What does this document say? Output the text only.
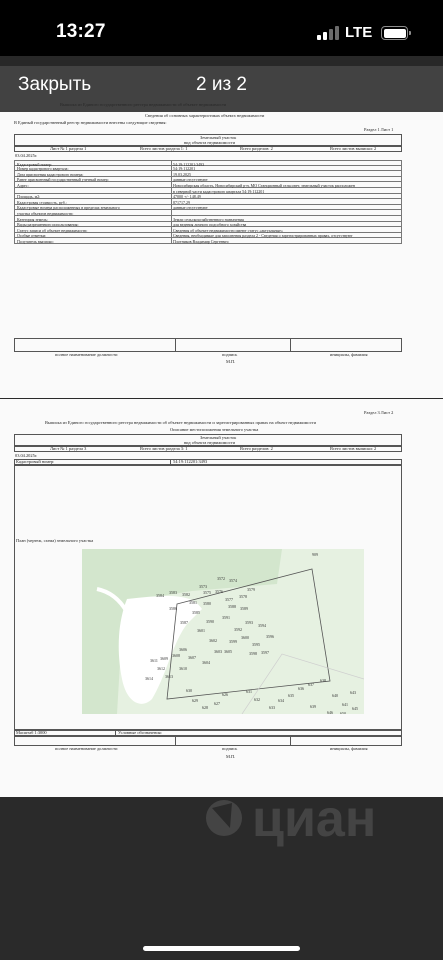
13:27	LTE
Закрыть	2 из 2
Сведения об основных характеристиках объекта недвижимости
В Единый государственный реестр недвижимости внесены следующие сведения:
Раздел 1 Лист 1
Земельный участок
вид объекта недвижимости
Лист № 1 раздела 1	Всего листов раздела 1: 1	Всего разделов: 2	Всего листов выписки: 2
03.04.2025г.
Кадастровый номер:	54:19:112201:3493
Номер кадастрового квартала:	54:19:112201
Дата присвоения кадастрового номера:	19.03.2025
Ранее присвоенный государственный учетный номер:	данные отсутствуют
Адрес:	Новосибирская область, Новосибирский р-н, МО Станционный сельсовет, земельный участок расположен
в северной части кадастрового квартала 54:19:112201
Площадь, м2:	47000 +/- 148.49
Кадастровая стоимость, руб.:	871717.29
Кадастровые номера расположенных в пределах земельного	данные отсутствуют
участка объектов недвижимости:
Категория земель:	Земли сельскохозяйственного назначения
Виды разрешенного использования:	для ведения личного подсобного хозяйства
Статус записи об объекте недвижимости:	Сведения об объекте недвижимости имеют статус «актуальные»
Особые отметки:	Сведения, необходимые для заполнения раздела 2 - Сведения о зарегистрированных правах, отсутствуют
Получатель выписки:	Плотников Владимир Сергеевич
полное наименование должности	подпись	инициалы, фамилия
М.П.
Раздел 3 Лист 2
Выписка из Единого государственного реестра недвижимости об объекте недвижимости и зарегистрированных правах на объект недвижимости
Описание местоположения земельного участка
Земельный участок
вид объекта недвижимости
Лист № 1 раздела 3	Всего листов раздела 3: 1	Всего разделов: 2	Всего листов выписки: 2
03.04.2025г.
Кадастровый номер:	54:19:112201:3493
План (чертеж, схема) земельного участка
3572
3573
3574
3575 3576
3577
3578
3579
3580
3581
3582
3583
3584
3585
3586
3587
3588 3589
3590
3591
3592
3593
3594
3595
3596
3597
3598
3599
3600
3601
3602
3603
3604
3605
3606
3607
3608
3609
3610
3611
3612
3613
3614
626
627
628
629
630	631
632
633
634
635
636
637
638
639
640
641
643
645
646 650
909
Масштаб 1:3000	Условные обозначения:
полное наименование должности	подпись	инициалы, фамилия
М.П.
циан
